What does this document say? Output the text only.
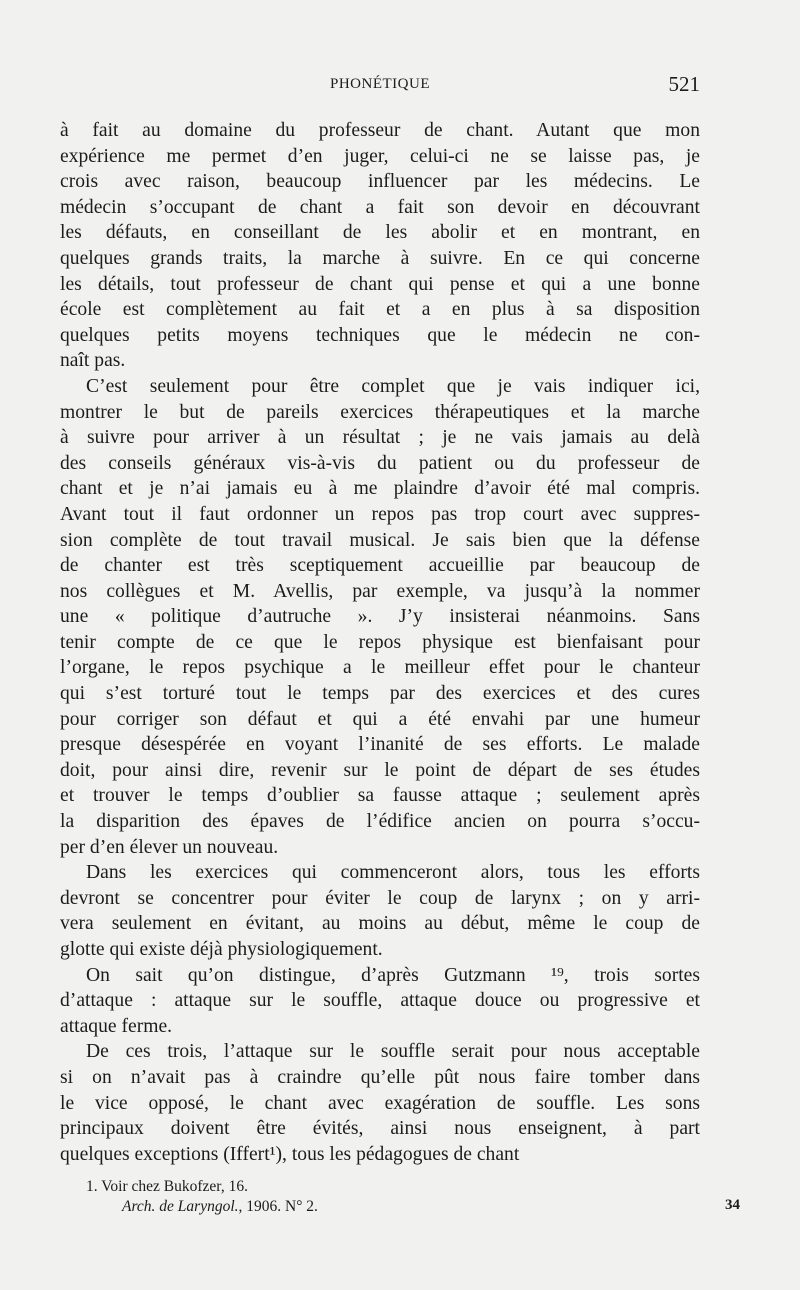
PHONÉTIQUE	521

à fait au domaine du professeur de chant. Autant que mon
expérience me permet d’en juger, celui-ci ne se laisse pas, je
crois avec raison, beaucoup influencer par les médecins. Le
médecin s’occupant de chant a fait son devoir en découvrant
les défauts, en conseillant de les abolir et en montrant, en
quelques grands traits, la marche à suivre. En ce qui concerne
les détails, tout professeur de chant qui pense et qui a une bonne
école est complètement au fait et a en plus à sa disposition
quelques petits moyens techniques que le médecin ne con-
naît pas.

C’est seulement pour être complet que je vais indiquer ici,
montrer le but de pareils exercices thérapeutiques et la marche
à suivre pour arriver à un résultat ; je ne vais jamais au delà
des conseils généraux vis-à-vis du patient ou du professeur de
chant et je n’ai jamais eu à me plaindre d’avoir été mal compris.
Avant tout il faut ordonner un repos pas trop court avec suppres-
sion complète de tout travail musical. Je sais bien que la défense
de chanter est très sceptiquement accueillie par beaucoup de
nos collègues et M. Avellis, par exemple, va jusqu’à la nommer
une « politique d’autruche ». J’y insisterai néanmoins. Sans
tenir compte de ce que le repos physique est bienfaisant pour
l’organe, le repos psychique a le meilleur effet pour le chanteur
qui s’est torturé tout le temps par des exercices et des cures
pour corriger son défaut et qui a été envahi par une humeur
presque désespérée en voyant l’inanité de ses efforts. Le malade
doit, pour ainsi dire, revenir sur le point de départ de ses études
et trouver le temps d’oublier sa fausse attaque ; seulement après
la disparition des épaves de l’édifice ancien on pourra s’occu-
per d’en élever un nouveau.

Dans les exercices qui commenceront alors, tous les efforts
devront se concentrer pour éviter le coup de larynx ; on y arri-
vera seulement en évitant, au moins au début, même le coup de
glotte qui existe déjà physiologiquement.

On sait qu’on distingue, d’après Gutzmann ¹⁹, trois sortes
d’attaque : attaque sur le souffle, attaque douce ou progressive et
attaque ferme.

De ces trois, l’attaque sur le souffle serait pour nous acceptable
si on n’avait pas à craindre qu’elle pût nous faire tomber dans
le vice opposé, le chant avec exagération de souffle. Les sons
principaux doivent être évités, ainsi nous enseignent, à part
quelques exceptions (Iffert¹), tous les pédagogues de chant

1. Voir chez Bukofzer, 16.
Arch. de Laryngol., 1906. N° 2.	34
